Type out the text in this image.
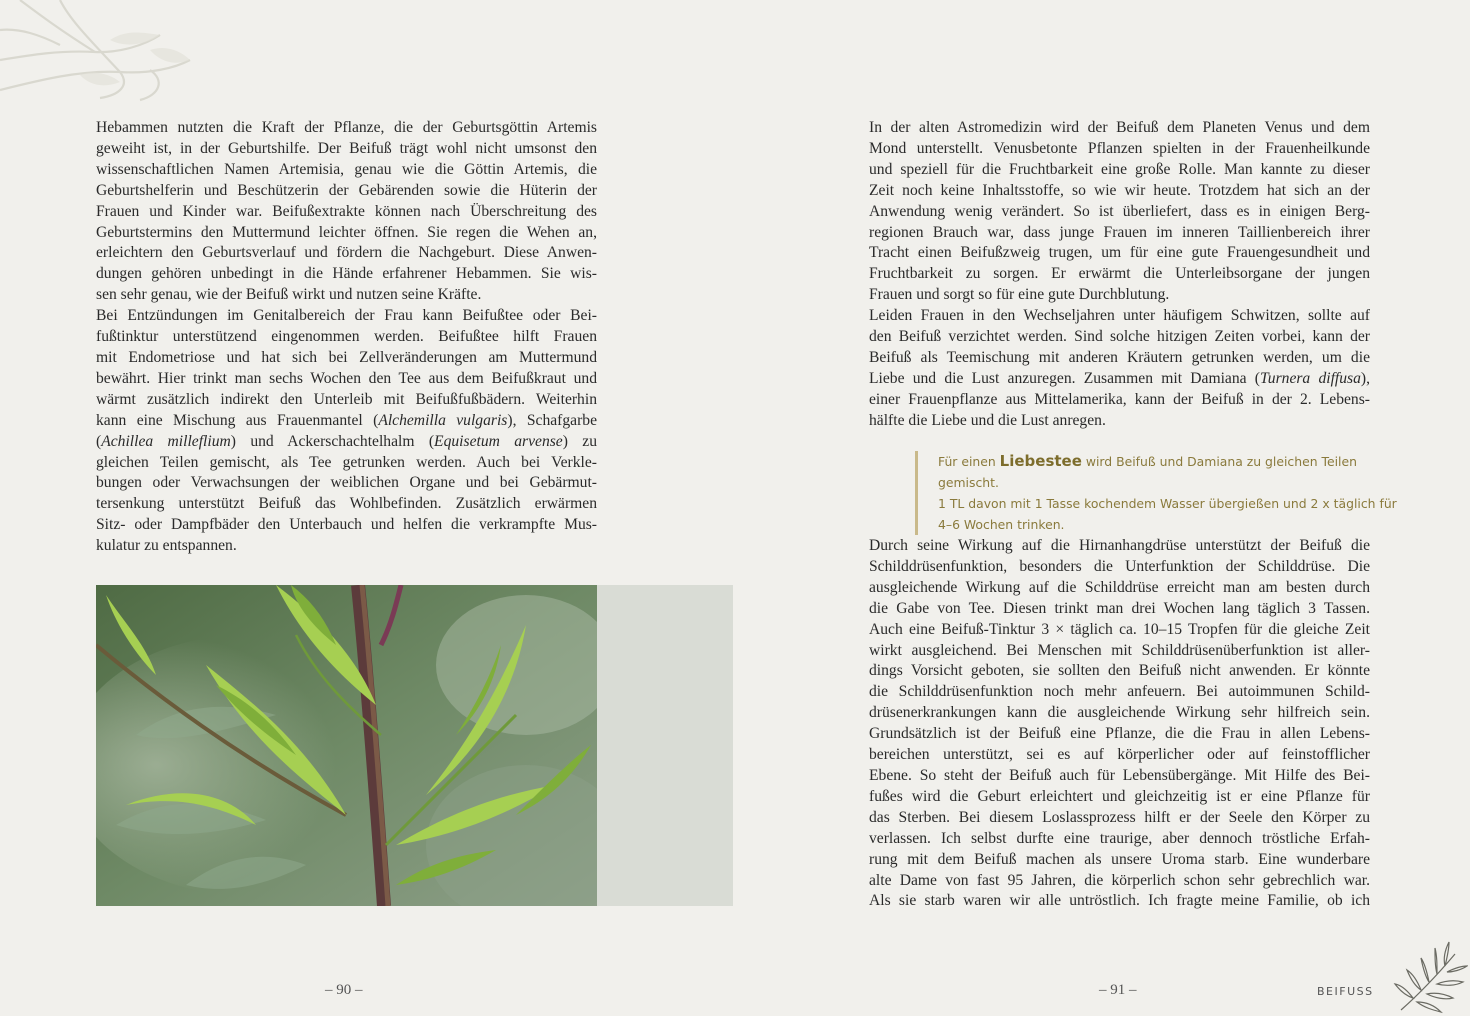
Hebammen nutzten die Kraft der Pflanze, die der Geburtsgöttin Artemis
geweiht ist, in der Geburtshilfe. Der Beifuß trägt wohl nicht umsonst den
wissenschaftlichen Namen Artemisia, genau wie die Göttin Artemis, die
Geburtshelferin und Beschützerin der Gebärenden sowie die Hüterin der
Frauen und Kinder war. Beifußextrakte können nach Überschreitung des
Geburtstermins den Muttermund leichter öffnen. Sie regen die Wehen an,
erleichtern den Geburtsverlauf und fördern die Nachgeburt. Diese Anwen-
dungen gehören unbedingt in die Hände erfahrener Hebammen. Sie wis-
sen sehr genau, wie der Beifuß wirkt und nutzen seine Kräfte.
Bei Entzündungen im Genitalbereich der Frau kann Beifußtee oder Bei-
fußtinktur unterstützend eingenommen werden. Beifußtee hilft Frauen
mit Endometriose und hat sich bei Zellveränderungen am Muttermund
bewährt. Hier trinkt man sechs Wochen den Tee aus dem Beifußkraut und
wärmt zusätzlich indirekt den Unterleib mit Beifußfußbädern. Weiterhin
kann eine Mischung aus Frauenmantel (Alchemilla vulgaris), Schafgarbe
(Achillea milleflium) und Ackerschachtelhalm (Equisetum arvense) zu
gleichen Teilen gemischt, als Tee getrunken werden. Auch bei Verkle-
bungen oder Verwachsungen der weiblichen Organe und bei Gebärmut-
tersenkung unterstützt Beifuß das Wohlbefinden. Zusätzlich erwärmen
Sitz- oder Dampfbäder den Unterbauch und helfen die verkrampfte Mus-
kulatur zu entspannen.
– 90 –
In der alten Astromedizin wird der Beifuß dem Planeten Venus und dem
Mond unterstellt. Venusbetonte Pflanzen spielten in der Frauenheilkunde
und speziell für die Fruchtbarkeit eine große Rolle. Man kannte zu dieser
Zeit noch keine Inhaltsstoffe, so wie wir heute. Trotzdem hat sich an der
Anwendung wenig verändert. So ist überliefert, dass es in einigen Berg-
regionen Brauch war, dass junge Frauen im inneren Taillienbereich ihrer
Tracht einen Beifußzweig trugen, um für eine gute Frauengesundheit und
Fruchtbarkeit zu sorgen. Er erwärmt die Unterleibsorgane der jungen
Frauen und sorgt so für eine gute Durchblutung.
Leiden Frauen in den Wechseljahren unter häufigem Schwitzen, sollte auf
den Beifuß verzichtet werden. Sind solche hitzigen Zeiten vorbei, kann der
Beifuß als Teemischung mit anderen Kräutern getrunken werden, um die
Liebe und die Lust anzuregen. Zusammen mit Damiana (Turnera diffusa),
einer Frauenpflanze aus Mittelamerika, kann der Beifuß in der 2. Lebens-
hälfte die Liebe und die Lust anregen.
Für einen Liebestee wird Beifuß und Damiana zu gleichen Teilen gemischt.
1 TL davon mit 1 Tasse kochendem Wasser übergießen und 2 x täglich für
4–6 Wochen trinken.
Durch seine Wirkung auf die Hirnanhangdrüse unterstützt der Beifuß die
Schilddrüsenfunktion, besonders die Unterfunktion der Schilddrüse. Die
ausgleichende Wirkung auf die Schilddrüse erreicht man am besten durch
die Gabe von Tee. Diesen trinkt man drei Wochen lang täglich 3 Tassen.
Auch eine Beifuß-Tinktur 3 × täglich ca. 10–15 Tropfen für die gleiche Zeit
wirkt ausgleichend. Bei Menschen mit Schilddrüsenüberfunktion ist aller-
dings Vorsicht geboten, sie sollten den Beifuß nicht anwenden. Er könnte
die Schilddrüsenfunktion noch mehr anfeuern. Bei autoimmunen Schild-
drüsenerkrankungen kann die ausgleichende Wirkung sehr hilfreich sein.
Grundsätzlich ist der Beifuß eine Pflanze, die die Frau in allen Lebens-
bereichen unterstützt, sei es auf körperlicher oder auf feinstofflicher
Ebene. So steht der Beifuß auch für Lebensübergänge. Mit Hilfe des Bei-
fußes wird die Geburt erleichtert und gleichzeitig ist er eine Pflanze für
das Sterben. Bei diesem Loslassprozess hilft er der Seele den Körper zu
verlassen. Ich selbst durfte eine traurige, aber dennoch tröstliche Erfah-
rung mit dem Beifuß machen als unsere Uroma starb. Eine wunderbare
alte Dame von fast 95 Jahren, die körperlich schon sehr gebrechlich war.
Als sie starb waren wir alle untröstlich. Ich fragte meine Familie, ob ich
– 91 –	BEIFUSS
